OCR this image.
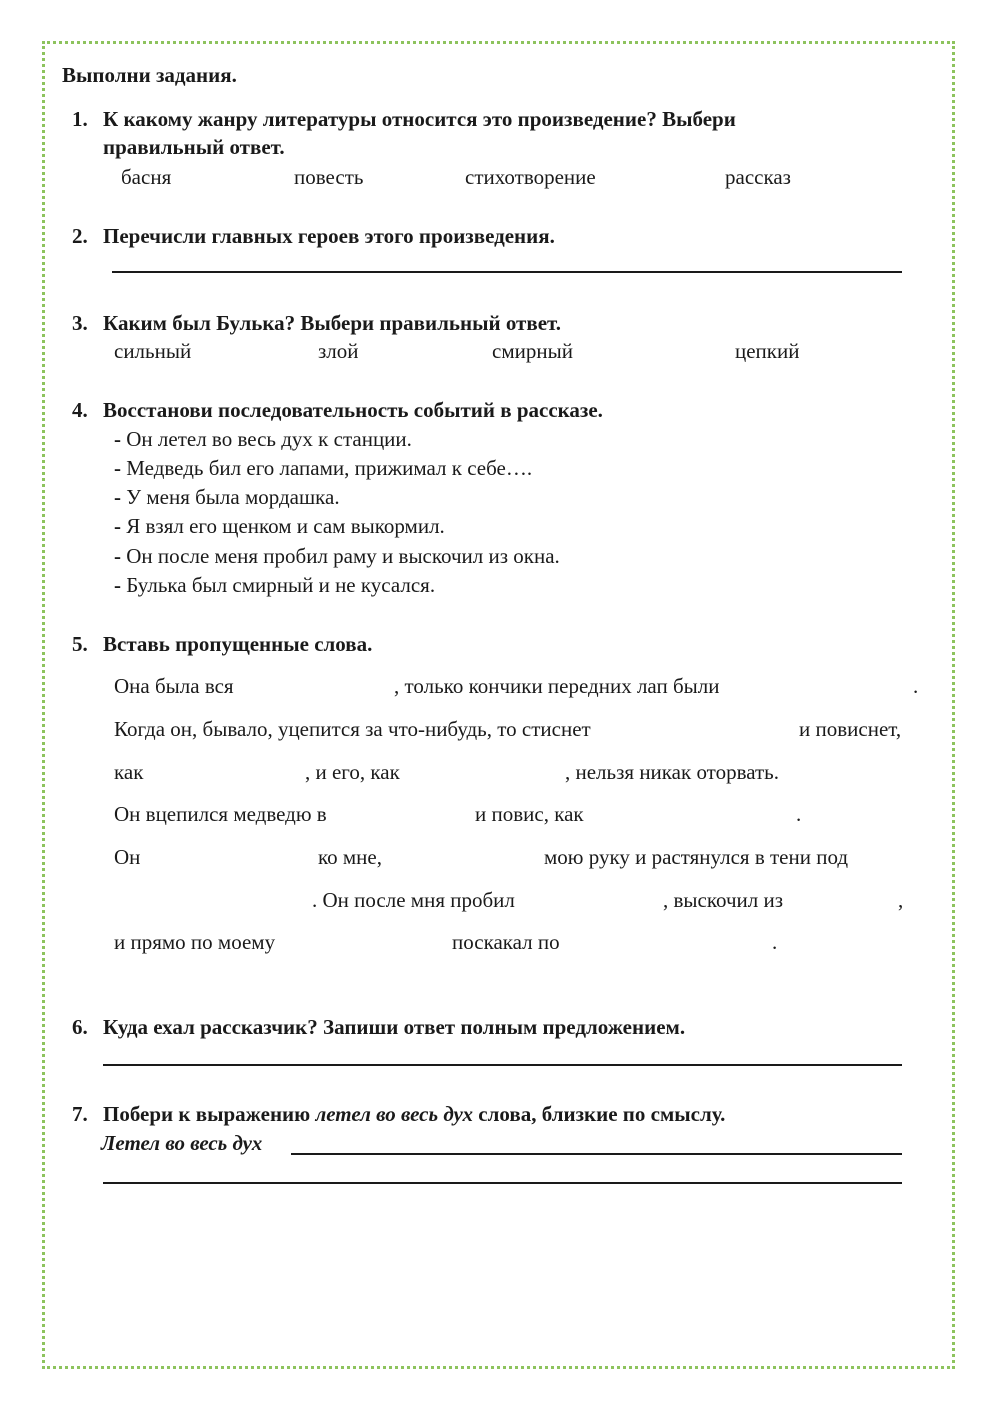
Выполни задания.
1. К какому жанру литературы относится это произведение? Выбери
правильный ответ.
басня	повесть	стихотворение	рассказ
2. Перечисли главных героев этого произведения.
3. Каким был Булька? Выбери правильный ответ.
сильный	злой	смирный	цепкий
4. Восстанови последовательность событий в рассказе.
- Он летел во весь дух к станции.
- Медведь бил его лапами, прижимал к себе….
- У меня была мордашка.
- Я взял его щенком и сам выкормил.
- Он после меня пробил раму и выскочил из окна.
- Булька был смирный и не кусался.
5. Вставь пропущенные слова.
Она была вся	, только кончики передних лап были	.
Когда он, бывало, уцепится за что-нибудь, то стиснет	и повиснет,
как	, и его, как	, нельзя никак оторвать.
Он вцепился медведю в	и повис, как	.
Он	ко мне,	мою руку и растянулся в тени под
. Он после мня пробил	, выскочил из	,
и прямо по моему	поскакал по	.
6. Куда ехал рассказчик? Запиши ответ полным предложением.
7. Побери к выражению летел во весь дух слова, близкие по смыслу.
Летел во весь дух
